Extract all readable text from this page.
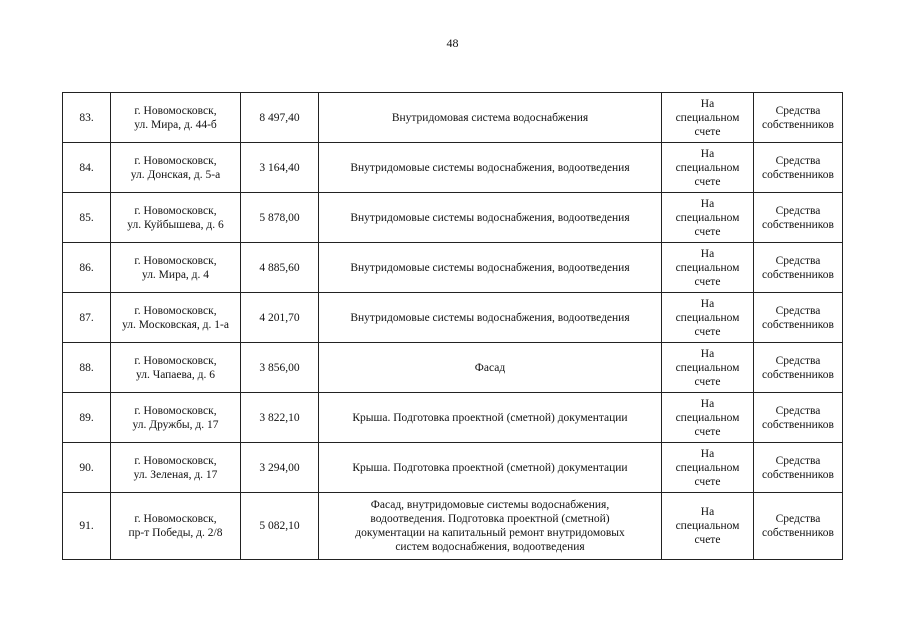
48
83.	г. Новомосковск,
ул. Мира, д. 44-б	8 497,40	Внутридомовая система водоснабжения	На
специальном
счете	Средства
собственников

84.	г. Новомосковск,
ул. Донская, д. 5-а	3 164,40	Внутридомовые системы водоснабжения, водоотведения	На
специальном
счете	Средства
собственников

85.	г. Новомосковск,
ул. Куйбышева, д. 6	5 878,00	Внутридомовые системы водоснабжения, водоотведения	На
специальном
счете	Средства
собственников

86.	г. Новомосковск,
ул. Мира, д. 4	4 885,60	Внутридомовые системы водоснабжения, водоотведения	На
специальном
счете	Средства
собственников

87.	г. Новомосковск,
ул. Московская, д. 1-а	4 201,70	Внутридомовые системы водоснабжения, водоотведения	На
специальном
счете	Средства
собственников

88.	г. Новомосковск,
ул. Чапаева, д. 6	3 856,00	Фасад	На
специальном
счете	Средства
собственников

89.	г. Новомосковск,
ул. Дружбы, д. 17	3 822,10	Крыша. Подготовка проектной (сметной) документации	На
специальном
счете	Средства
собственников

90.	г. Новомосковск,
ул. Зеленая, д. 17	3 294,00	Крыша. Подготовка проектной (сметной) документации	На
специальном
счете	Средства
собственников

91.	г. Новомосковск,
пр-т Победы, д. 2/8	5 082,10	Фасад, внутридомовые системы водоснабжения,
водоотведения. Подготовка проектной (сметной)
документации на капитальный ремонт внутридомовых
систем водоснабжения, водоотведения	На
специальном
счете	Средства
собственников
